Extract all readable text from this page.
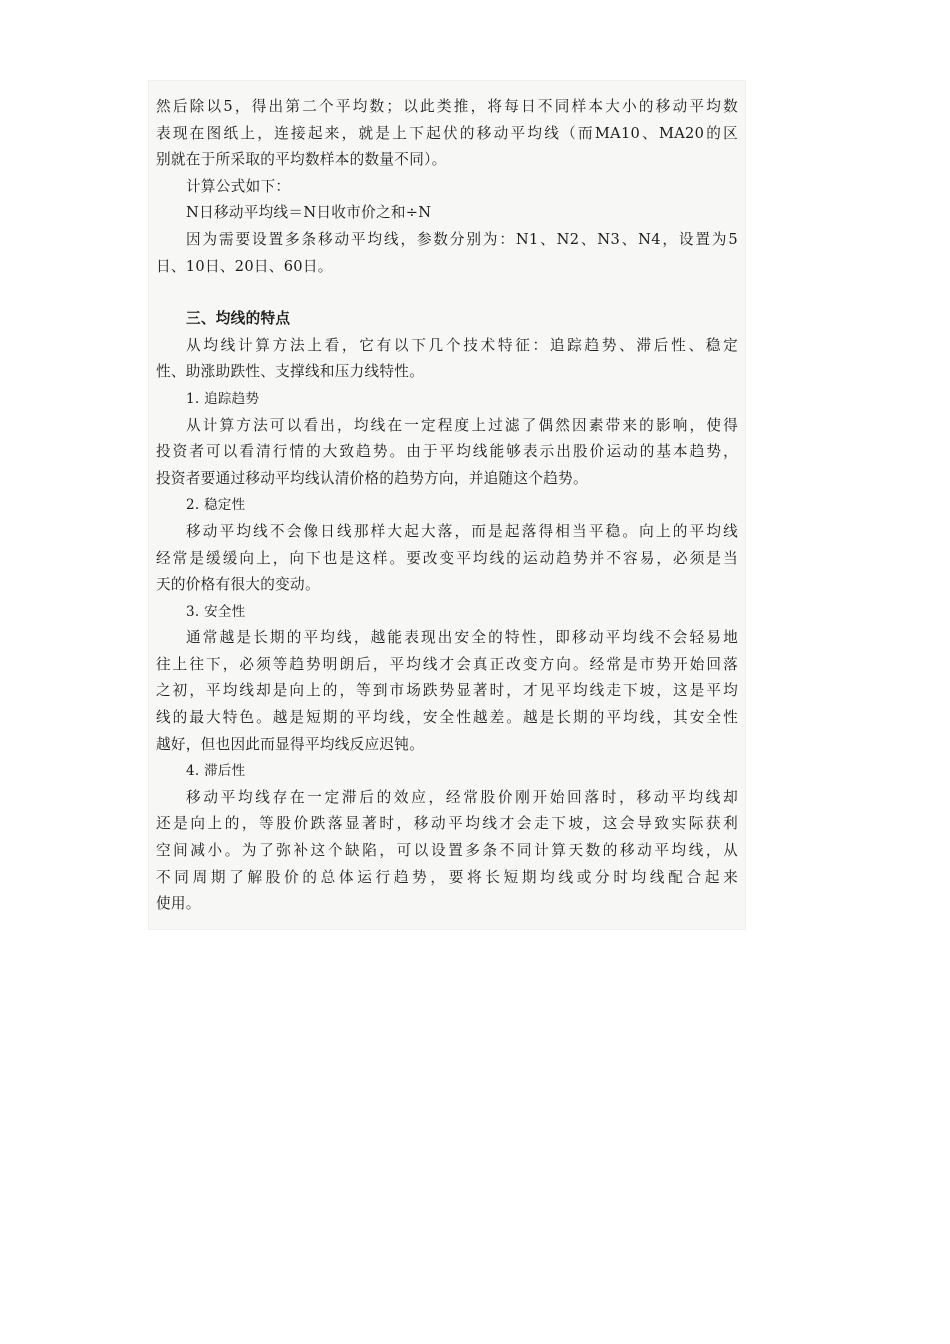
然后除以5，得出第二个平均数；以此类推，将每日不同样本大小的移动平均数
表现在图纸上，连接起来，就是上下起伏的移动平均线（而MA10、MA20的区
别就在于所采取的平均数样本的数量不同）。
计算公式如下：
N日移动平均线＝N日收市价之和÷N
因为需要设置多条移动平均线，参数分别为：N1、N2、N3、N4，设置为5
日、10日、20日、60日。
三、均线的特点
从均线计算方法上看，它有以下几个技术特征：追踪趋势、滞后性、稳定
性、助涨助跌性、支撑线和压力线特性。
1. 追踪趋势
从计算方法可以看出，均线在一定程度上过滤了偶然因素带来的影响，使得
投资者可以看清行情的大致趋势。由于平均线能够表示出股价运动的基本趋势，
投资者要通过移动平均线认清价格的趋势方向，并追随这个趋势。
2. 稳定性
移动平均线不会像日线那样大起大落，而是起落得相当平稳。向上的平均线
经常是缓缓向上，向下也是这样。要改变平均线的运动趋势并不容易，必须是当
天的价格有很大的变动。
3. 安全性
通常越是长期的平均线，越能表现出安全的特性，即移动平均线不会轻易地
往上往下，必须等趋势明朗后，平均线才会真正改变方向。经常是市势开始回落
之初，平均线却是向上的，等到市场跌势显著时，才见平均线走下坡，这是平均
线的最大特色。越是短期的平均线，安全性越差。越是长期的平均线，其安全性
越好，但也因此而显得平均线反应迟钝。
4. 滞后性
移动平均线存在一定滞后的效应，经常股价刚开始回落时，移动平均线却
还是向上的，等股价跌落显著时，移动平均线才会走下坡，这会导致实际获利
空间减小。为了弥补这个缺陷，可以设置多条不同计算天数的移动平均线，从
不同周期了解股价的总体运行趋势，要将长短期均线或分时均线配合起来
使用。
